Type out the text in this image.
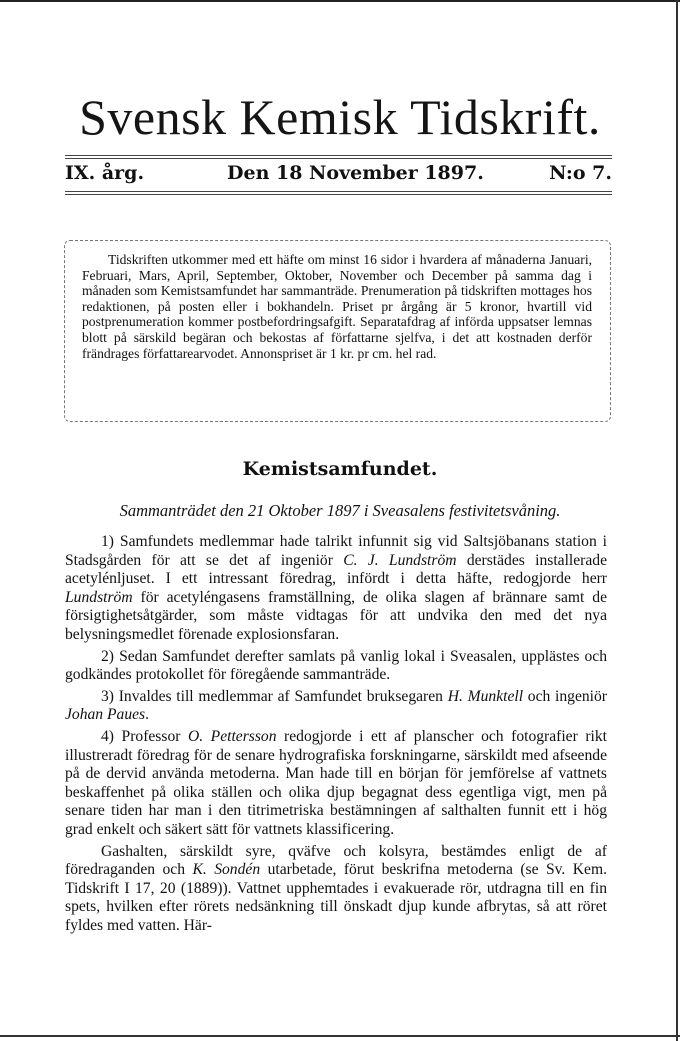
Svensk Kemisk Tidskrift.
IX. årg.	Den 18 November 1897.	N:o 7.
Tidskriften utkommer med ett häfte om minst 16 sidor i hvardera af månaderna Januari, Februari, Mars, April, September, Oktober, November och December på samma dag i månaden som Kemistsamfundet har sammanträde. Prenumeration på tidskriften mottages hos redaktionen, på posten eller i bokhandeln. Priset pr årgång är 5 kronor, hvartill vid postprenumeration kommer postbefordringsafgift. Separatafdrag af införda uppsatser lemnas blott på särskild begäran och bekostas af författarne sjelfva, i det att kostnaden derför frändrages författarearvodet. Annonspriset är 1 kr. pr cm. hel rad.
Kemistsamfundet.
Sammanträdet den 21 Oktober 1897 i Sveasalens festivitetsvåning.

1) Samfundets medlemmar hade talrikt infunnit sig vid Saltsjöbanans station i Stadsgården för att se det af ingeniör C. J. Lundström derstädes installerade acetylénljuset. I ett intressant föredrag, infördt i detta häfte, redogjorde herr Lundström för acetyléngasens framställning, de olika slagen af brännare samt de försigtighetsåtgärder, som måste vidtagas för att undvika den med det nya belysningsmedlet förenade explosionsfaran.

2) Sedan Samfundet derefter samlats på vanlig lokal i Sveasalen, upplästes och godkändes protokollet för föregående sammanträde.

3) Invaldes till medlemmar af Samfundet bruksegaren H. Munktell och ingeniör Johan Paues.

4) Professor O. Pettersson redogjorde i ett af planscher och fotografier rikt illustreradt föredrag för de senare hydrografiska forskningarne, särskildt med afseende på de dervid använda metoderna. Man hade till en början för jemförelse af vattnets beskaffenhet på olika ställen och olika djup begagnat dess egentliga vigt, men på senare tiden har man i den titrimetriska bestämningen af salthalten funnit ett i hög grad enkelt och säkert sätt för vattnets klassificering.

Gashalten, särskildt syre, qväfve och kolsyra, bestämdes enligt de af föredraganden och K. Sondén utarbetade, förut beskrifna metoderna (se Sv. Kem. Tidskrift I 17, 20 (1889)). Vattnet upphemtades i evakuerade rör, utdragna till en fin spets, hvilken efter rörets nedsänkning till önskadt djup kunde afbrytas, så att röret fyldes med vatten. Här-
